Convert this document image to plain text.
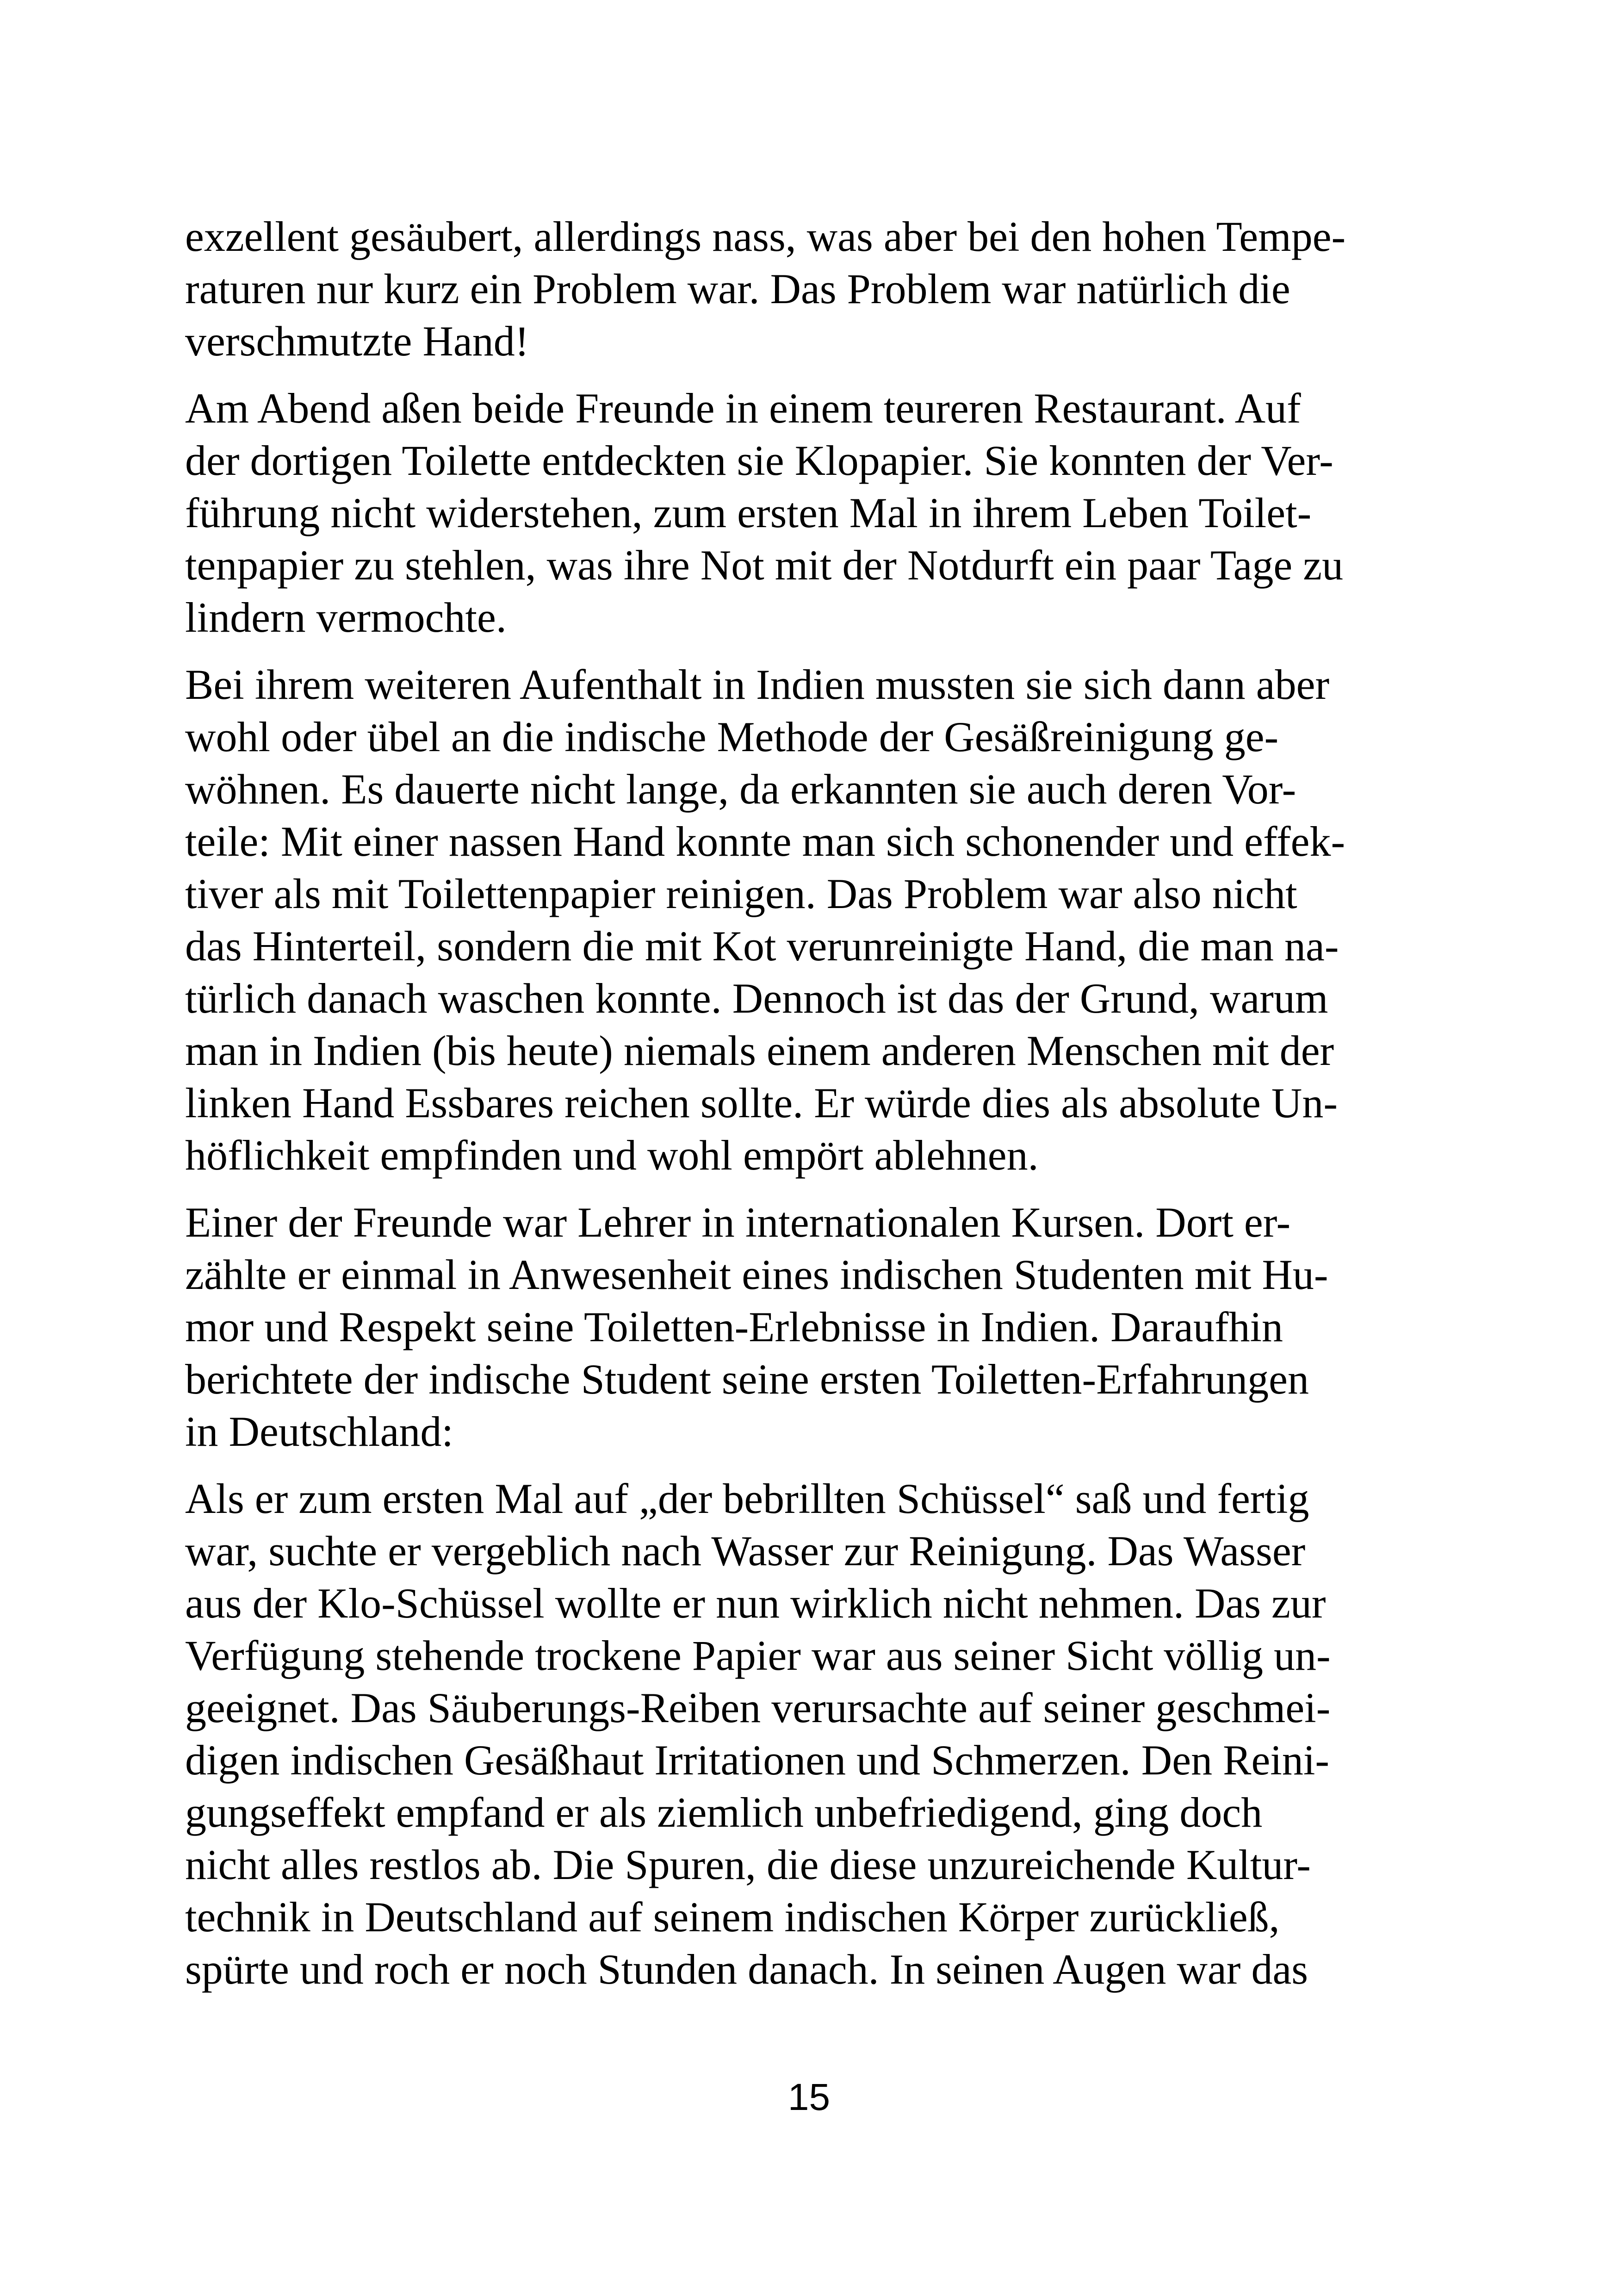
exzellent gesäubert, allerdings nass, was aber bei den hohen Tempe-
raturen nur kurz ein Problem war. Das Problem war natürlich die
verschmutzte Hand!
Am Abend aßen beide Freunde in einem teureren Restaurant. Auf
der dortigen Toilette entdeckten sie Klopapier. Sie konnten der Ver-
führung nicht widerstehen, zum ersten Mal in ihrem Leben Toilet-
tenpapier zu stehlen, was ihre Not mit der Notdurft ein paar Tage zu
lindern vermochte.
Bei ihrem weiteren Aufenthalt in Indien mussten sie sich dann aber
wohl oder übel an die indische Methode der Gesäßreinigung ge-
wöhnen. Es dauerte nicht lange, da erkannten sie auch deren Vor-
teile: Mit einer nassen Hand konnte man sich schonender und effek-
tiver als mit Toilettenpapier reinigen. Das Problem war also nicht
das Hinterteil, sondern die mit Kot verunreinigte Hand, die man na-
türlich danach waschen konnte. Dennoch ist das der Grund, warum
man in Indien (bis heute) niemals einem anderen Menschen mit der
linken Hand Essbares reichen sollte. Er würde dies als absolute Un-
höflichkeit empfinden und wohl empört ablehnen.
Einer der Freunde war Lehrer in internationalen Kursen. Dort er-
zählte er einmal in Anwesenheit eines indischen Studenten mit Hu-
mor und Respekt seine Toiletten-Erlebnisse in Indien. Daraufhin
berichtete der indische Student seine ersten Toiletten-Erfahrungen
in Deutschland:
Als er zum ersten Mal auf „der bebrillten Schüssel“ saß und fertig
war, suchte er vergeblich nach Wasser zur Reinigung. Das Wasser
aus der Klo-Schüssel wollte er nun wirklich nicht nehmen. Das zur
Verfügung stehende trockene Papier war aus seiner Sicht völlig un-
geeignet. Das Säuberungs-Reiben verursachte auf seiner geschmei-
digen indischen Gesäßhaut Irritationen und Schmerzen. Den Reini-
gungseffekt empfand er als ziemlich unbefriedigend, ging doch
nicht alles restlos ab. Die Spuren, die diese unzureichende Kultur-
technik in Deutschland auf seinem indischen Körper zurückließ,
spürte und roch er noch Stunden danach. In seinen Augen war das
15
